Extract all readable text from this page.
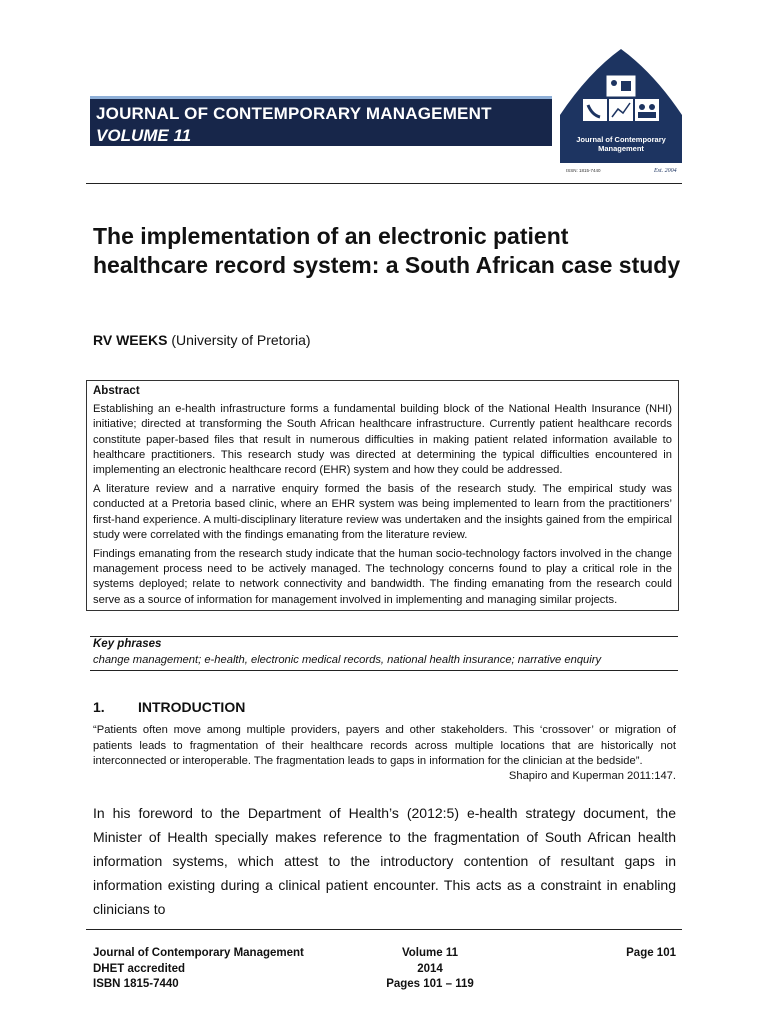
JOURNAL OF CONTEMPORARY MANAGEMENT
VOLUME 11	Journal of Contemporary
Management
ISSN: 1815-7440	Est. 2004
The implementation of an electronic patient healthcare record system: a South African case study
RV WEEKS (University of Pretoria)
Abstract

Establishing an e-health infrastructure forms a fundamental building block of the National Health Insurance (NHI) initiative; directed at transforming the South African healthcare infrastructure. Currently patient healthcare records constitute paper-based files that result in numerous difficulties in making patient related information available to healthcare practitioners. This research study was directed at determining the typical difficulties encountered in implementing an electronic healthcare record (EHR) system and how they could be addressed.

A literature review and a narrative enquiry formed the basis of the research study. The empirical study was conducted at a Pretoria based clinic, where an EHR system was being implemented to learn from the practitioners’ first-hand experience. A multi-disciplinary literature review was undertaken and the insights gained from the empirical study were correlated with the findings emanating from the literature review.

Findings emanating from the research study indicate that the human socio-technology factors involved in the change management process need to be actively managed. The technology concerns found to play a critical role in the systems deployed; relate to network connectivity and bandwidth. The finding emanating from the research could serve as a source of information for management involved in implementing and managing similar projects.

Key phrases
change management; e-health, electronic medical records, national health insurance; narrative enquiry
1. INTRODUCTION
“Patients often move among multiple providers, payers and other stakeholders. This ‘crossover’ or migration of patients leads to fragmentation of their healthcare records across multiple locations that are historically not interconnected or interoperable. The fragmentation leads to gaps in information for the clinician at the bedside”.
Shapiro and Kuperman 2011:147.
In his foreword to the Department of Health’s (2012:5) e-health strategy document, the Minister of Health specially makes reference to the fragmentation of South African health information systems, which attest to the introductory contention of resultant gaps in information existing during a clinical patient encounter. This acts as a constraint in enabling clinicians to
Journal of Contemporary Management
DHET accredited
ISBN 1815-7440
Volume 11
2014
Pages 101 – 119
Page 101
